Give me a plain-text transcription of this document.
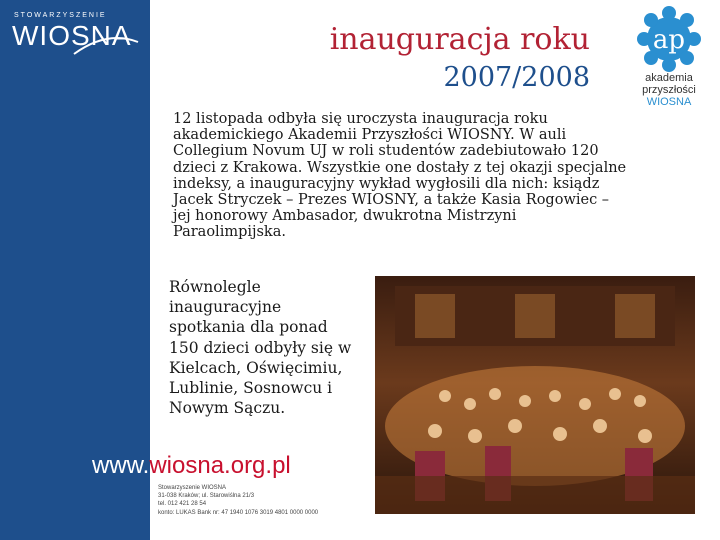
STOWARZYSZENIE
WIOSNA	inauguracja roku
2007/2008
ap
akademia
przyszłości
WIOSNA
12 listopada odbyła się uroczysta inauguracja roku akademickiego Akademii Przyszłości WIOSNY. W auli Collegium Novum UJ w roli studentów zadebiutowało 120 dzieci z Krakowa. Wszystkie one dostały z tej okazji specjalne indeksy, a inauguracyjny wykład wygłosili dla nich: ksiądz Jacek Stryczek – Prezes WIOSNY, a także Kasia Rogowiec – jej honorowy Ambasador, dwukrotna Mistrzyni Paraolimpijska.
Równolegle inauguracyjne spotkania dla ponad 150 dzieci odbyły się w Kielcach, Oświęcimiu, Lublinie, Sosnowcu i Nowym Sączu.
www.wiosna.org.pl
Stowarzyszenie WIOSNA
31-038 Kraków; ul. Starowiślna 21/3
tel. 012 421 28 54
konto: LUKAS Bank nr: 47 1940 1076 3019 4801 0000 0000
